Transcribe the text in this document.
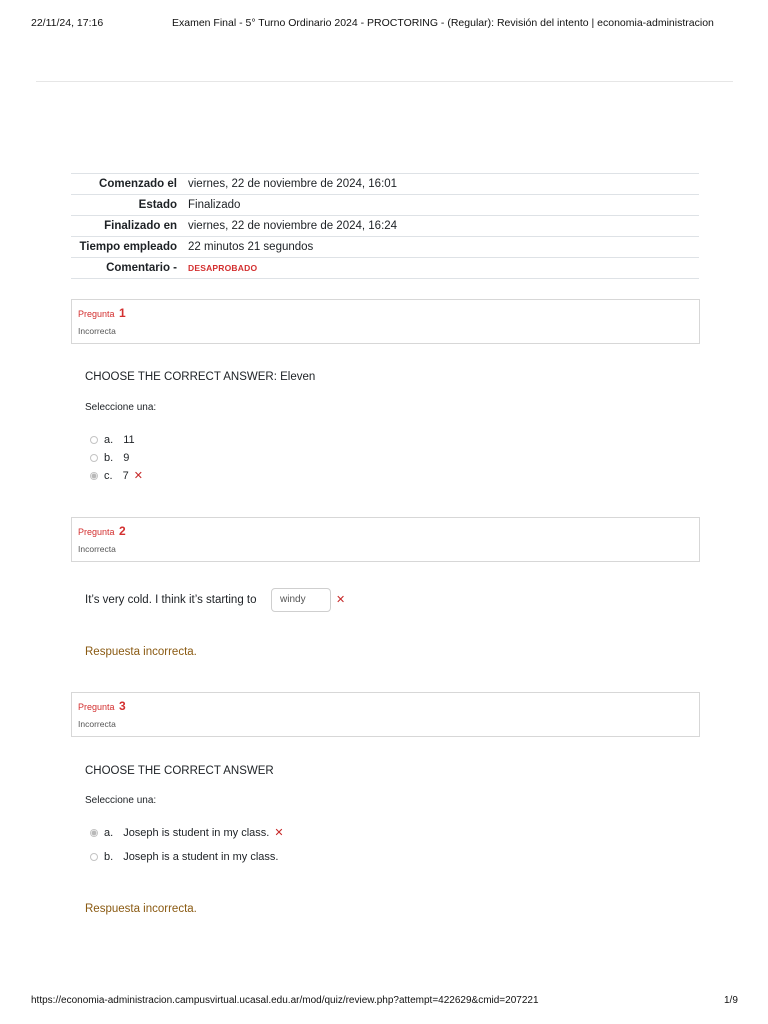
22/11/24, 17:16	Examen Final - 5° Turno Ordinario 2024 - PROCTORING - (Regular): Revisión del intento | economia-administracion
Comenzado el	viernes, 22 de noviembre de 2024, 16:01
Estado	Finalizado
Finalizado en	viernes, 22 de noviembre de 2024, 16:24
Tiempo empleado	22 minutos 21 segundos
Comentario -	DESAPROBADO
Pregunta 1
Incorrecta
CHOOSE THE CORRECT ANSWER: Eleven
Seleccione una:
a. 11
b. 9
c. 7 ✕
Pregunta 2
Incorrecta
It’s very cold. I think it’s starting to	windy	✕
Respuesta incorrecta.
Pregunta 3
Incorrecta
CHOOSE THE CORRECT ANSWER
Seleccione una:
a. Joseph is student in my class. ✕
b. Joseph is a student in my class.
Respuesta incorrecta.
https://economia-administracion.campusvirtual.ucasal.edu.ar/mod/quiz/review.php?attempt=422629&cmid=207221	1/9
